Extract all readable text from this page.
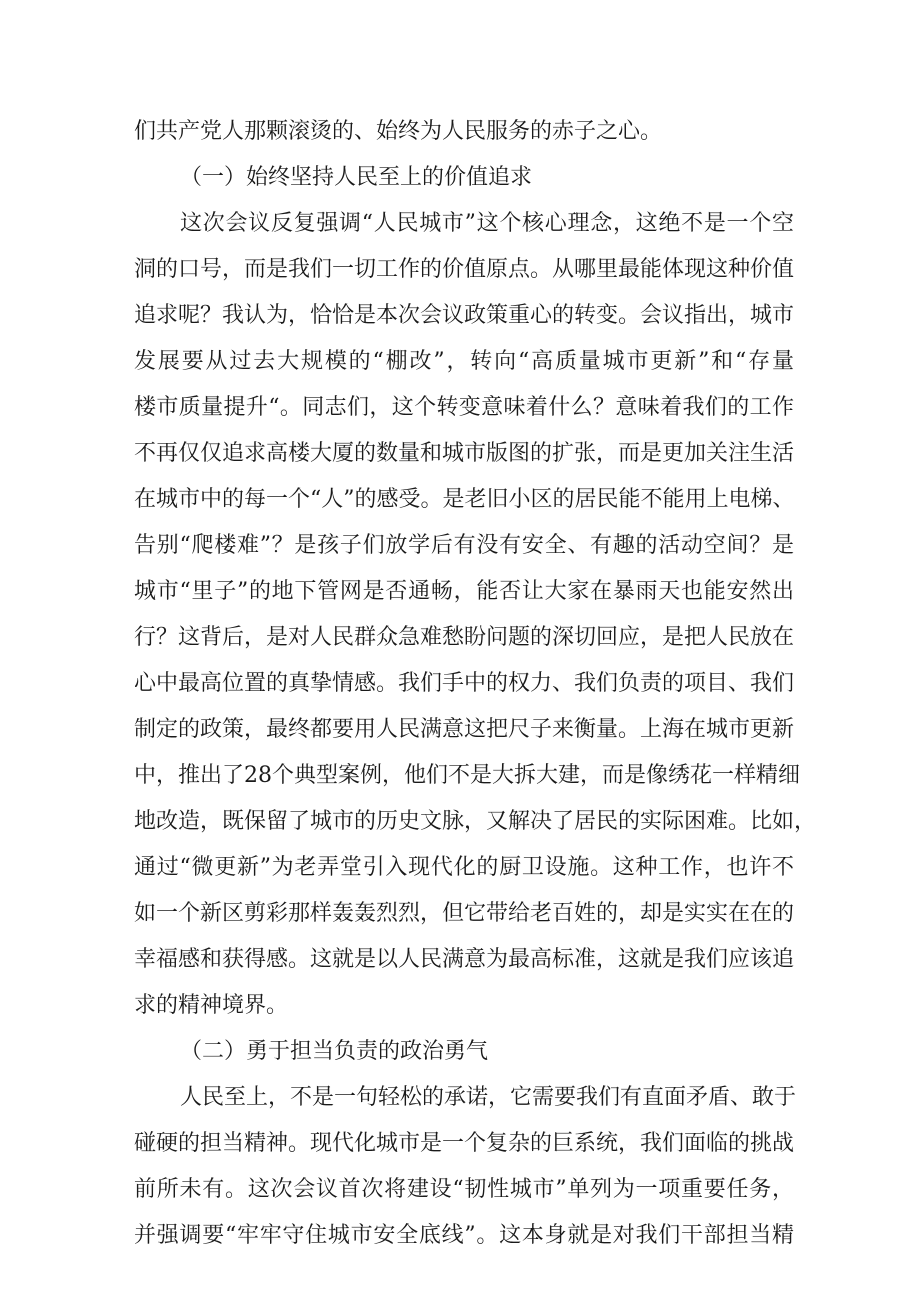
们共产党人那颗滚烫的、始终为人民服务的赤子之心。
（一）始终坚持人民至上的价值追求
这次会议反复强调“人民城市”这个核心理念，这绝不是一个空
洞的口号，而是我们一切工作的价值原点。从哪里最能体现这种价值
追求呢？我认为，恰恰是本次会议政策重心的转变。会议指出，城市
发展要从过去大规模的“棚改”，转向“高质量城市更新”和“存量
楼市质量提升“。同志们，这个转变意味着什么？意味着我们的工作
不再仅仅追求高楼大厦的数量和城市版图的扩张，而是更加关注生活
在城市中的每一个“人”的感受。是老旧小区的居民能不能用上电梯、
告别“爬楼难”？是孩子们放学后有没有安全、有趣的活动空间？是
城市“里子”的地下管网是否通畅，能否让大家在暴雨天也能安然出
行？这背后，是对人民群众急难愁盼问题的深切回应，是把人民放在
心中最高位置的真挚情感。我们手中的权力、我们负责的项目、我们
制定的政策，最终都要用人民满意这把尺子来衡量。上海在城市更新
中，推出了28个典型案例，他们不是大拆大建，而是像绣花一样精细
地改造，既保留了城市的历史文脉，又解决了居民的实际困难。比如，
通过“微更新”为老弄堂引入现代化的厨卫设施。这种工作，也许不
如一个新区剪彩那样轰轰烈烈，但它带给老百姓的，却是实实在在的
幸福感和获得感。这就是以人民满意为最高标准，这就是我们应该追
求的精神境界。
（二）勇于担当负责的政治勇气
人民至上，不是一句轻松的承诺，它需要我们有直面矛盾、敢于
碰硬的担当精神。现代化城市是一个复杂的巨系统，我们面临的挑战
前所未有。这次会议首次将建设“韧性城市”单列为一项重要任务，
并强调要“牢牢守住城市安全底线”。这本身就是对我们干部担当精
